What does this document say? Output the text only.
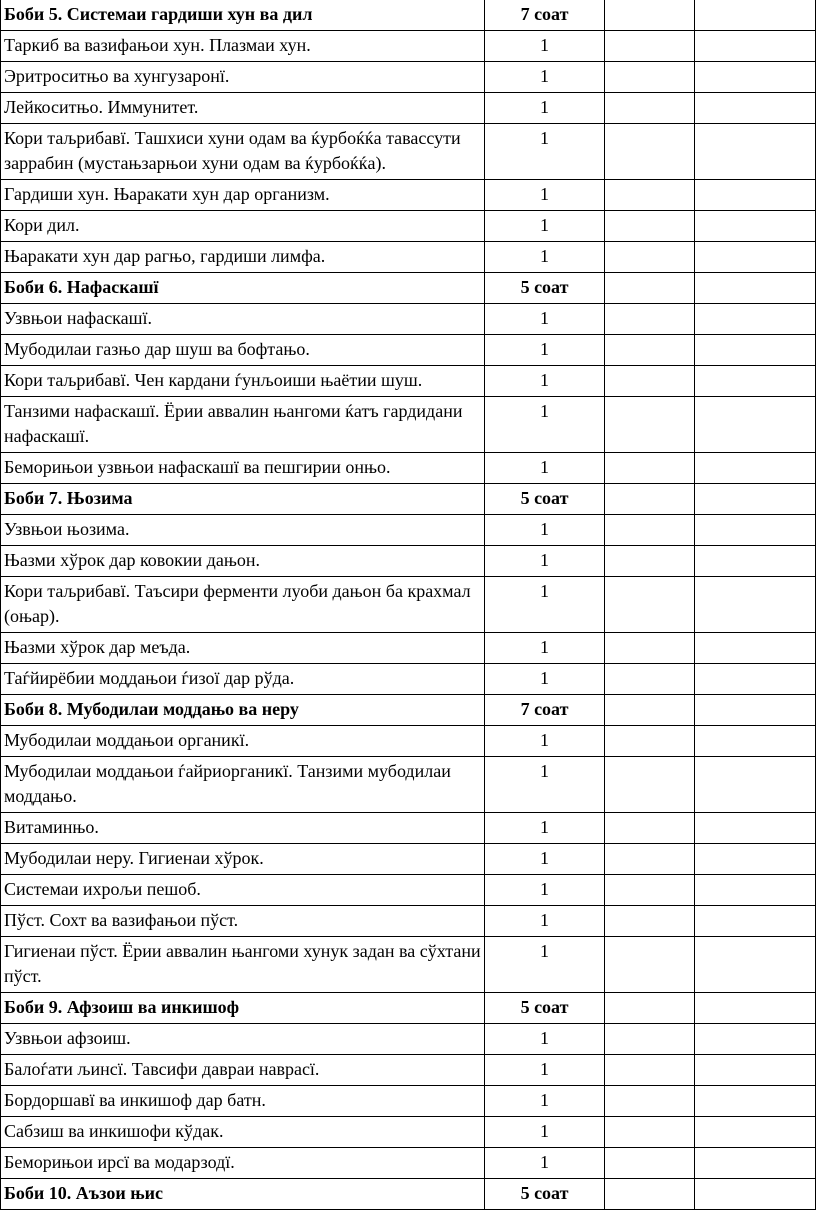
Боби 5. Системаи гардиши хун ва дил	7 соат		
Таркиб ва вазифањои хун. Плазмаи хун.	1		
Эритроситњо ва хунгузаронї.	1		
Лейкоситњо. Иммунитет.	1		
Кори таљрибавї. Ташхиси хуни одам ва ќурбоќќа тавассути заррабин (мустањзарњои хуни одам ва ќурбоќќа).	1		
Гардиши хун. Њаракати хун дар организм.	1		
Кори дил.	1		
Њаракати хун дар рагњо, гардиши лимфа.	1		
Боби 6. Нафаскашї	5 соат		
Узвњои нафаскашї.	1		
Мубодилаи газњо дар шуш ва бофтањо.	1		
Кори таљрибавї. Чен кардани ѓунљоиши њаётии шуш.	1		
Танзими нафаскашї. Ёрии аввалин њангоми ќатъ гардидани нафаскашї.	1		
Беморињои узвњои нафаскашї ва пешгирии онњо.	1		
Боби 7. Њозима	5 соат		
Узвњои њозима.	1		
Њазми хўрок дар ковокии дањон.	1		
Кори таљрибавї. Таъсири ферменти луоби дањон ба крахмал (оњар).	1		
Њазми хўрок дар меъда.	1		
Таѓйирёбии моддањои ѓизої дар рўда.	1		
Боби 8. Мубодилаи моддањо ва неру	7 соат		
Мубодилаи моддањои органикї.	1		
Мубодилаи моддањои ѓайриорганикї. Танзими мубодилаи моддањо.	1		
Витаминњо.	1		
Мубодилаи неру. Гигиенаи хўрок.	1		
Системаи ихрољи пешоб.	1		
Пўст. Сохт ва вазифањои пўст.	1		
Гигиенаи пўст. Ёрии аввалин њангоми хунук задан ва сўхтани пўст.	1		
Боби 9. Афзоиш ва инкишоф	5 соат		
Узвњои афзоиш.	1		
Балоѓати љинсї. Тавсифи давраи наврасї.	1		
Бордоршавї ва инкишоф дар батн.	1		
Сабзиш ва инкишофи кўдак.	1		
Беморињои ирсї ва модарзодї.	1		
Боби 10. Аъзои њис	5 соат		
